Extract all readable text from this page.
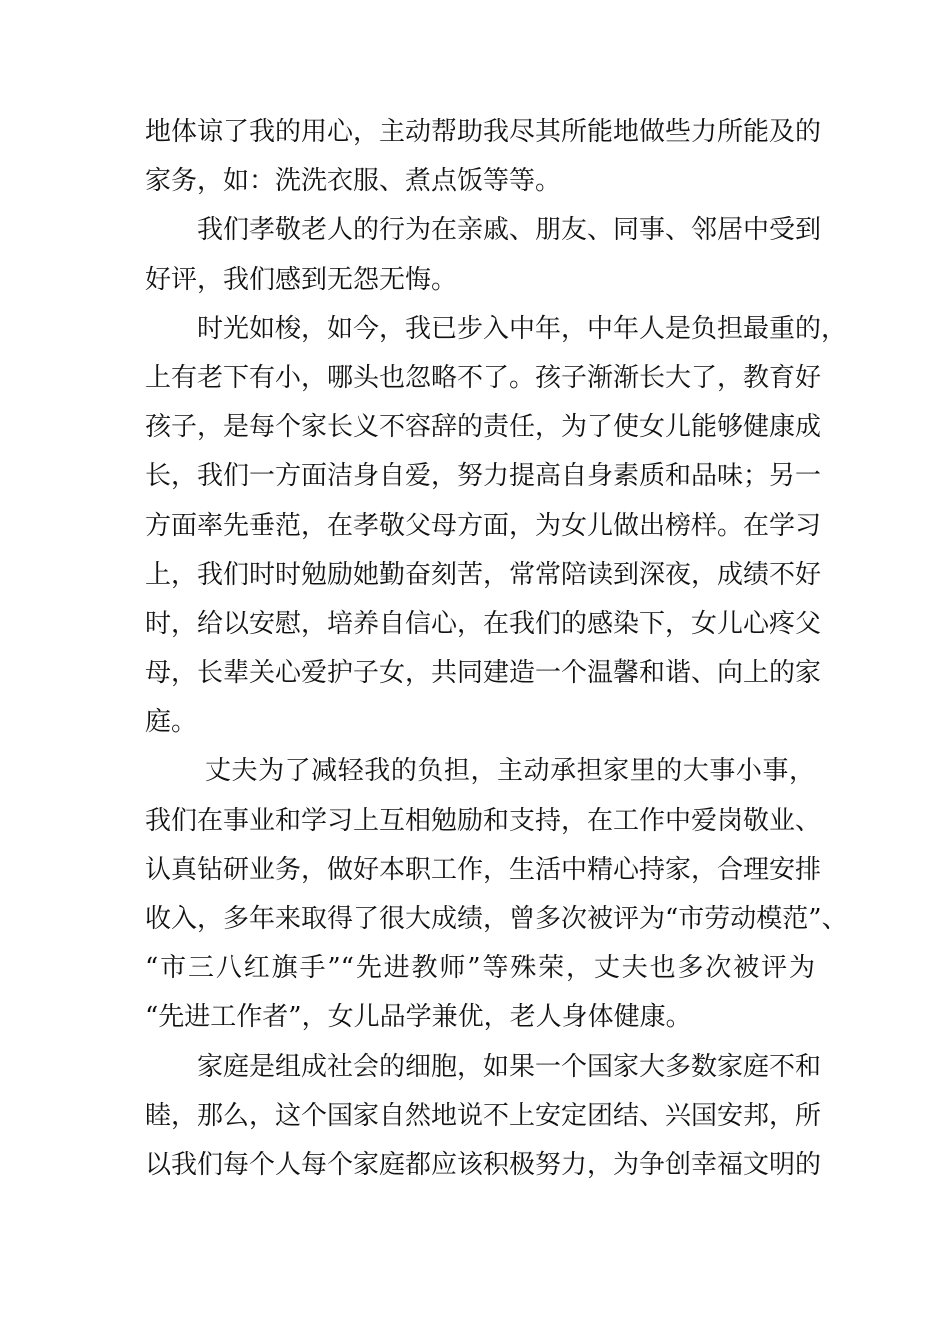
地体谅了我的用心，主动帮助我尽其所能地做些力所能及的
家务，如：洗洗衣服、煮点饭等等。
我们孝敬老人的行为在亲戚、朋友、同事、邻居中受到
好评，我们感到无怨无悔。
时光如梭，如今，我已步入中年，中年人是负担最重的，
上有老下有小，哪头也忽略不了。孩子渐渐长大了，教育好
孩子，是每个家长义不容辞的责任，为了使女儿能够健康成
长，我们一方面洁身自爱，努力提高自身素质和品味；另一
方面率先垂范，在孝敬父母方面，为女儿做出榜样。在学习
上，我们时时勉励她勤奋刻苦，常常陪读到深夜，成绩不好
时，给以安慰，培养自信心，在我们的感染下，女儿心疼父
母，长辈关心爱护子女，共同建造一个温馨和谐、向上的家
庭。
丈夫为了减轻我的负担，主动承担家里的大事小事，
我们在事业和学习上互相勉励和支持，在工作中爱岗敬业、
认真钻研业务，做好本职工作，生活中精心持家，合理安排
收入，多年来取得了很大成绩，曾多次被评为“市劳动模范”、
“市三八红旗手”“先进教师”等殊荣，丈夫也多次被评为
“先进工作者”，女儿品学兼优，老人身体健康。
家庭是组成社会的细胞，如果一个国家大多数家庭不和
睦，那么，这个国家自然地说不上安定团结、兴国安邦，所
以我们每个人每个家庭都应该积极努力，为争创幸福文明的
